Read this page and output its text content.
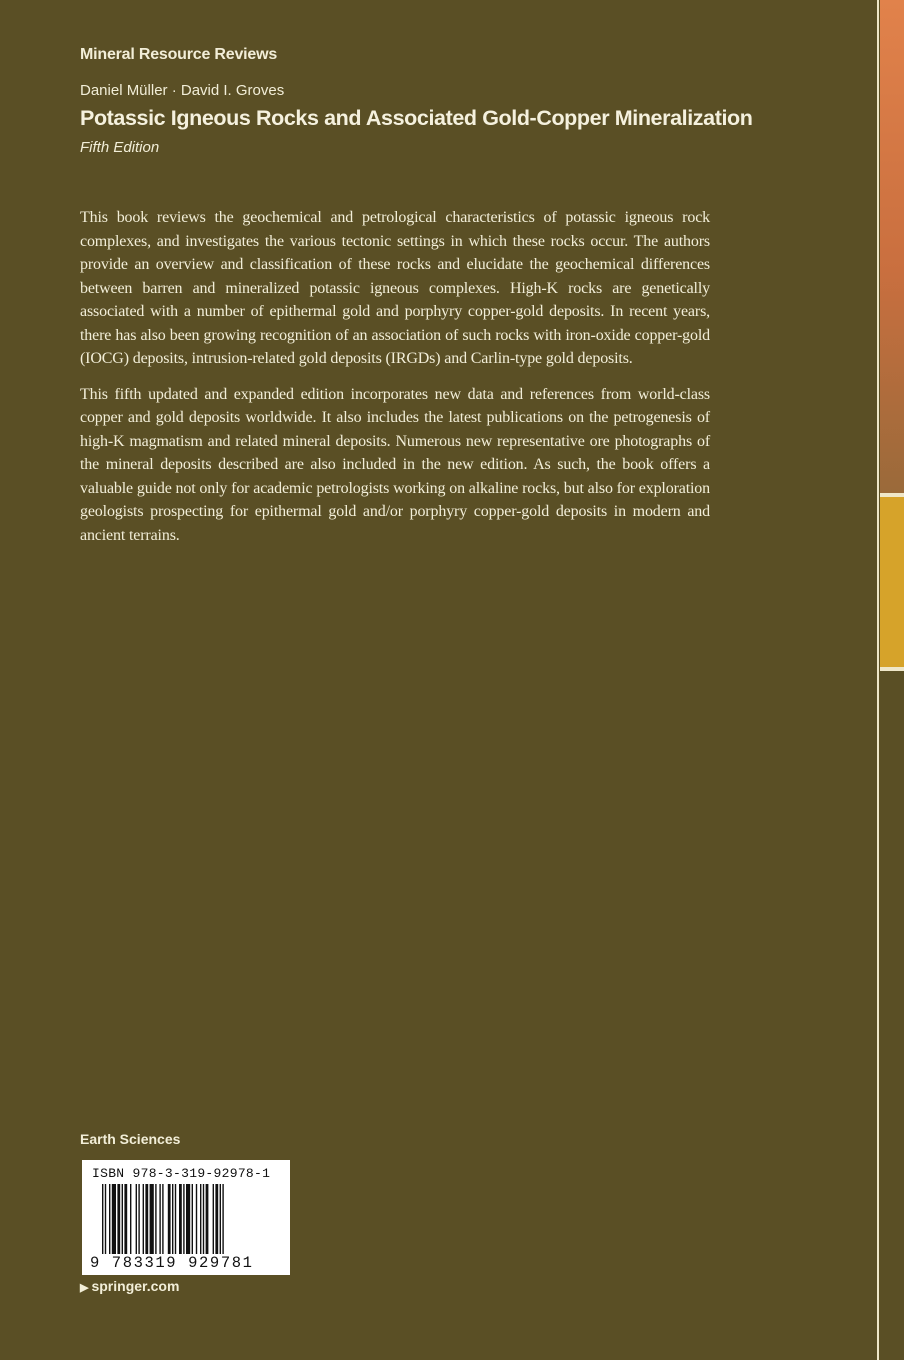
Mineral Resource Reviews
Daniel Müller · David I. Groves
Potassic Igneous Rocks and Associated Gold-Copper Mineralization
Fifth Edition

This book reviews the geochemical and petrological characteristics of potassic igneous rock complexes, and investigates the various tectonic settings in which these rocks occur. The authors provide an overview and classification of these rocks and elucidate the geochemical differences between barren and mineralized potassic igneous complexes. High-K rocks are genetically associated with a number of epithermal gold and porphyry copper-gold deposits. In recent years, there has also been growing recognition of an association of such rocks with iron-oxide copper-gold (IOCG) deposits, intrusion-related gold deposits (IRGDs) and Carlin-type gold deposits.

This fifth updated and expanded edition incorporates new data and references from world-class copper and gold deposits worldwide. It also includes the latest publications on the petrogenesis of high-K magmatism and related mineral deposits. Numerous new representative ore photographs of the mineral deposits described are also included in the new edition. As such, the book offers a valuable guide not only for academic petrologists working on alkaline rocks, but also for exploration geologists prospecting for epithermal gold and/or porphyry copper-gold deposits in modern and ancient terrains.

Earth Sciences
ISBN 978-3-319-92978-1
9 783319 929781
▶ springer.com
